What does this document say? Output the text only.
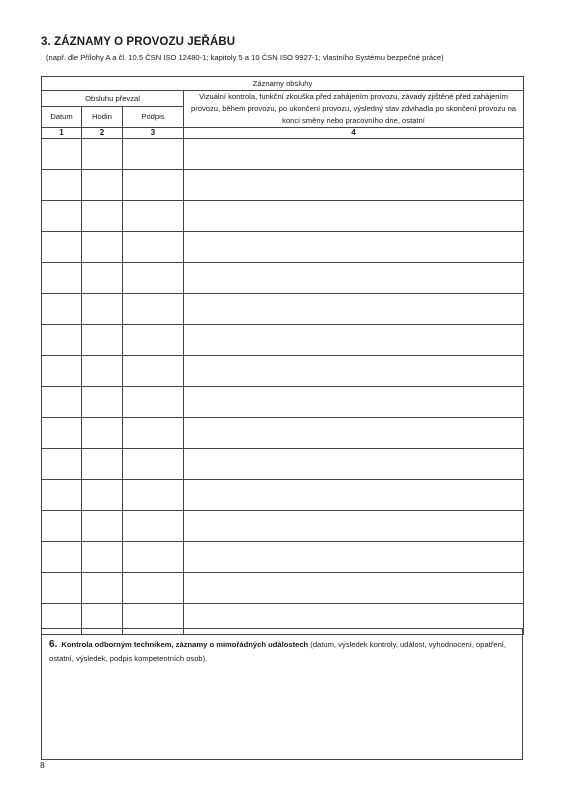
3. ZÁZNAMY O PROVOZU JEŘÁBU
(např. dle Přílohy A a čl. 10.5 ČSN ISO 12480-1; kapitoly 5 a 10 ČSN ISO 9927-1; vlastního Systému bezpečné práce)
Záznamy obsluhy			
Obsluhu převzal			Vizuální kontrola, funkční zkouška před zahájením provozu, závady zjištěné před zahájením provozu, během provozu, po ukončení provozu, výsledný stav zdvihadla po skončení provozu na konci směny nebo pracovního dne, ostatní
Datum	Hodin	Podpis	
1	2	3	4

6. Kontrola odborným technikem, záznamy o mimořádných událostech (datum, výsledek kontroly, událost, vyhodnocení, opatření, ostatní, výsledek, podpis kompetentních osob).
8
